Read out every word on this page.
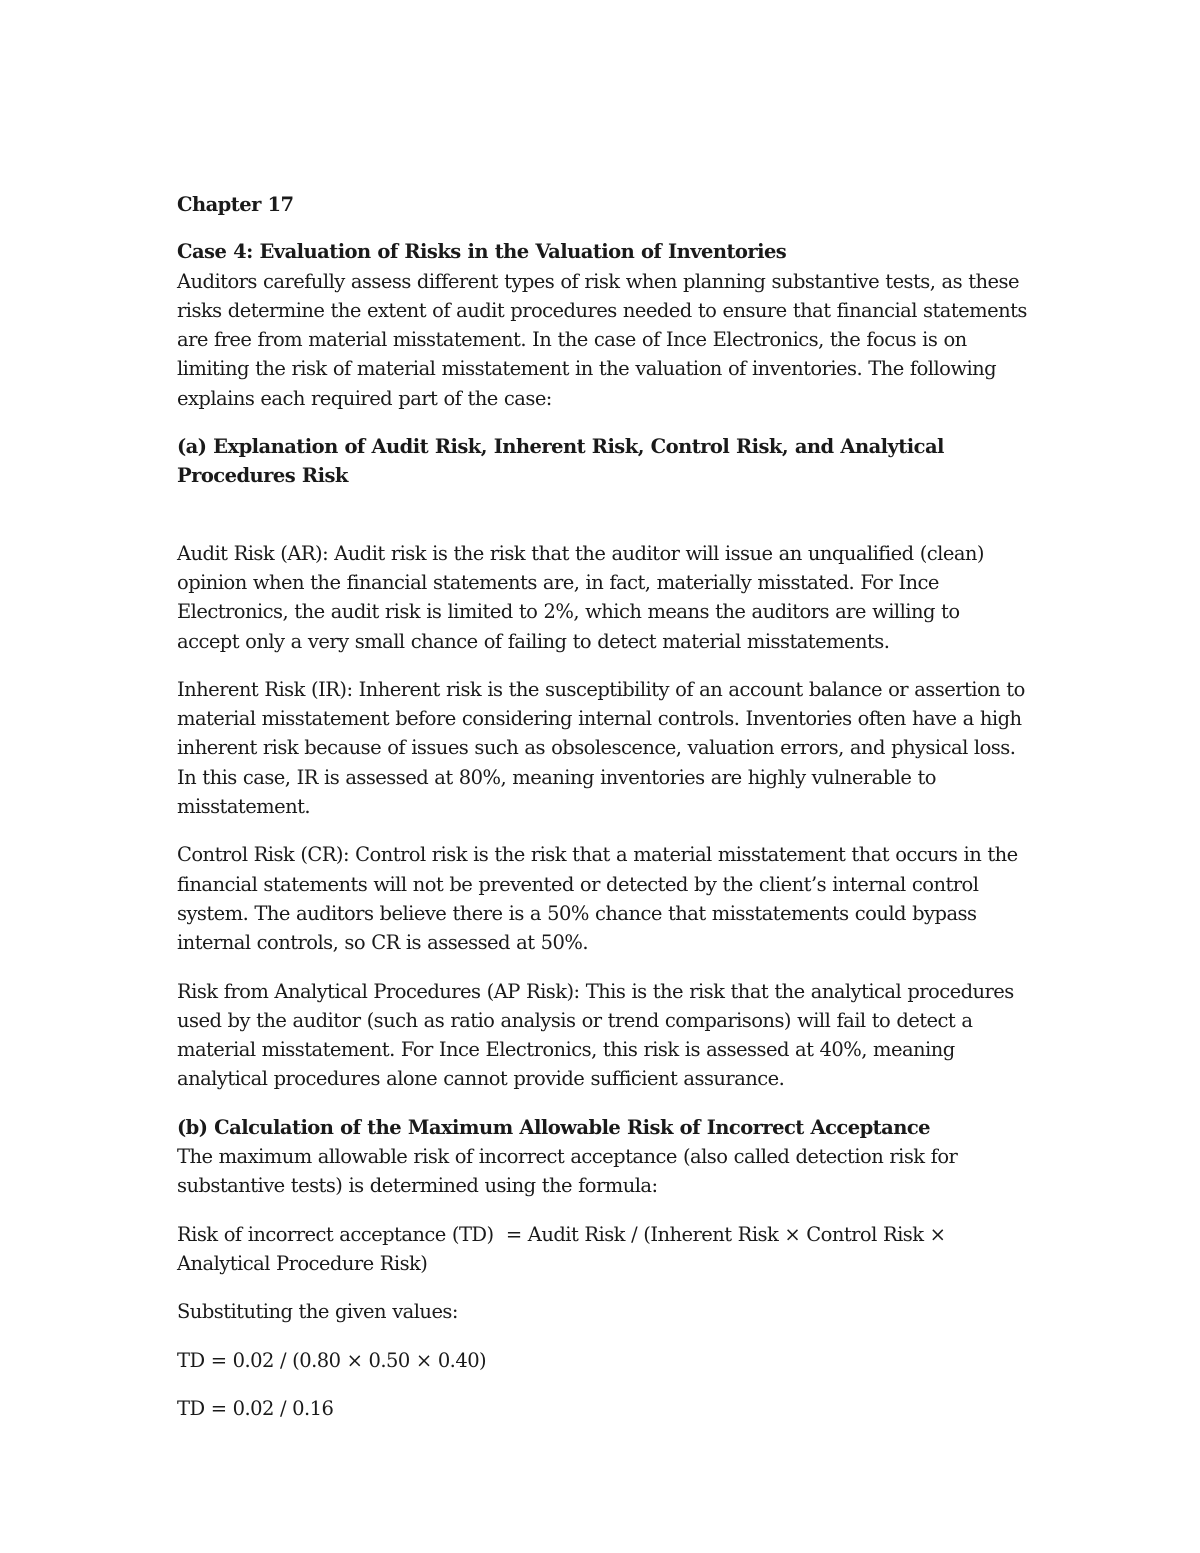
Chapter 17

Case 4: Evaluation of Risks in the Valuation of Inventories

Auditors carefully assess different types of risk when planning substantive tests, as these risks determine the extent of audit procedures needed to ensure that financial statements are free from material misstatement. In the case of Ince Electronics, the focus is on limiting the risk of material misstatement in the valuation of inventories. The following explains each required part of the case:

(a) Explanation of Audit Risk, Inherent Risk, Control Risk, and Analytical Procedures Risk

Audit Risk (AR): Audit risk is the risk that the auditor will issue an unqualified (clean) opinion when the financial statements are, in fact, materially misstated. For Ince Electronics, the audit risk is limited to 2%, which means the auditors are willing to accept only a very small chance of failing to detect material misstatements.

Inherent Risk (IR): Inherent risk is the susceptibility of an account balance or assertion to material misstatement before considering internal controls. Inventories often have a high inherent risk because of issues such as obsolescence, valuation errors, and physical loss. In this case, IR is assessed at 80%, meaning inventories are highly vulnerable to misstatement.

Control Risk (CR): Control risk is the risk that a material misstatement that occurs in the financial statements will not be prevented or detected by the client’s internal control system. The auditors believe there is a 50% chance that misstatements could bypass internal controls, so CR is assessed at 50%.

Risk from Analytical Procedures (AP Risk): This is the risk that the analytical procedures used by the auditor (such as ratio analysis or trend comparisons) will fail to detect a material misstatement. For Ince Electronics, this risk is assessed at 40%, meaning analytical procedures alone cannot provide sufficient assurance.

(b) Calculation of the Maximum Allowable Risk of Incorrect Acceptance

The maximum allowable risk of incorrect acceptance (also called detection risk for substantive tests) is determined using the formula:

Risk of incorrect acceptance (TD)  = Audit Risk / (Inherent Risk × Control Risk × Analytical Procedure Risk)

Substituting the given values:

TD = 0.02 / (0.80 × 0.50 × 0.40)

TD = 0.02 / 0.16
